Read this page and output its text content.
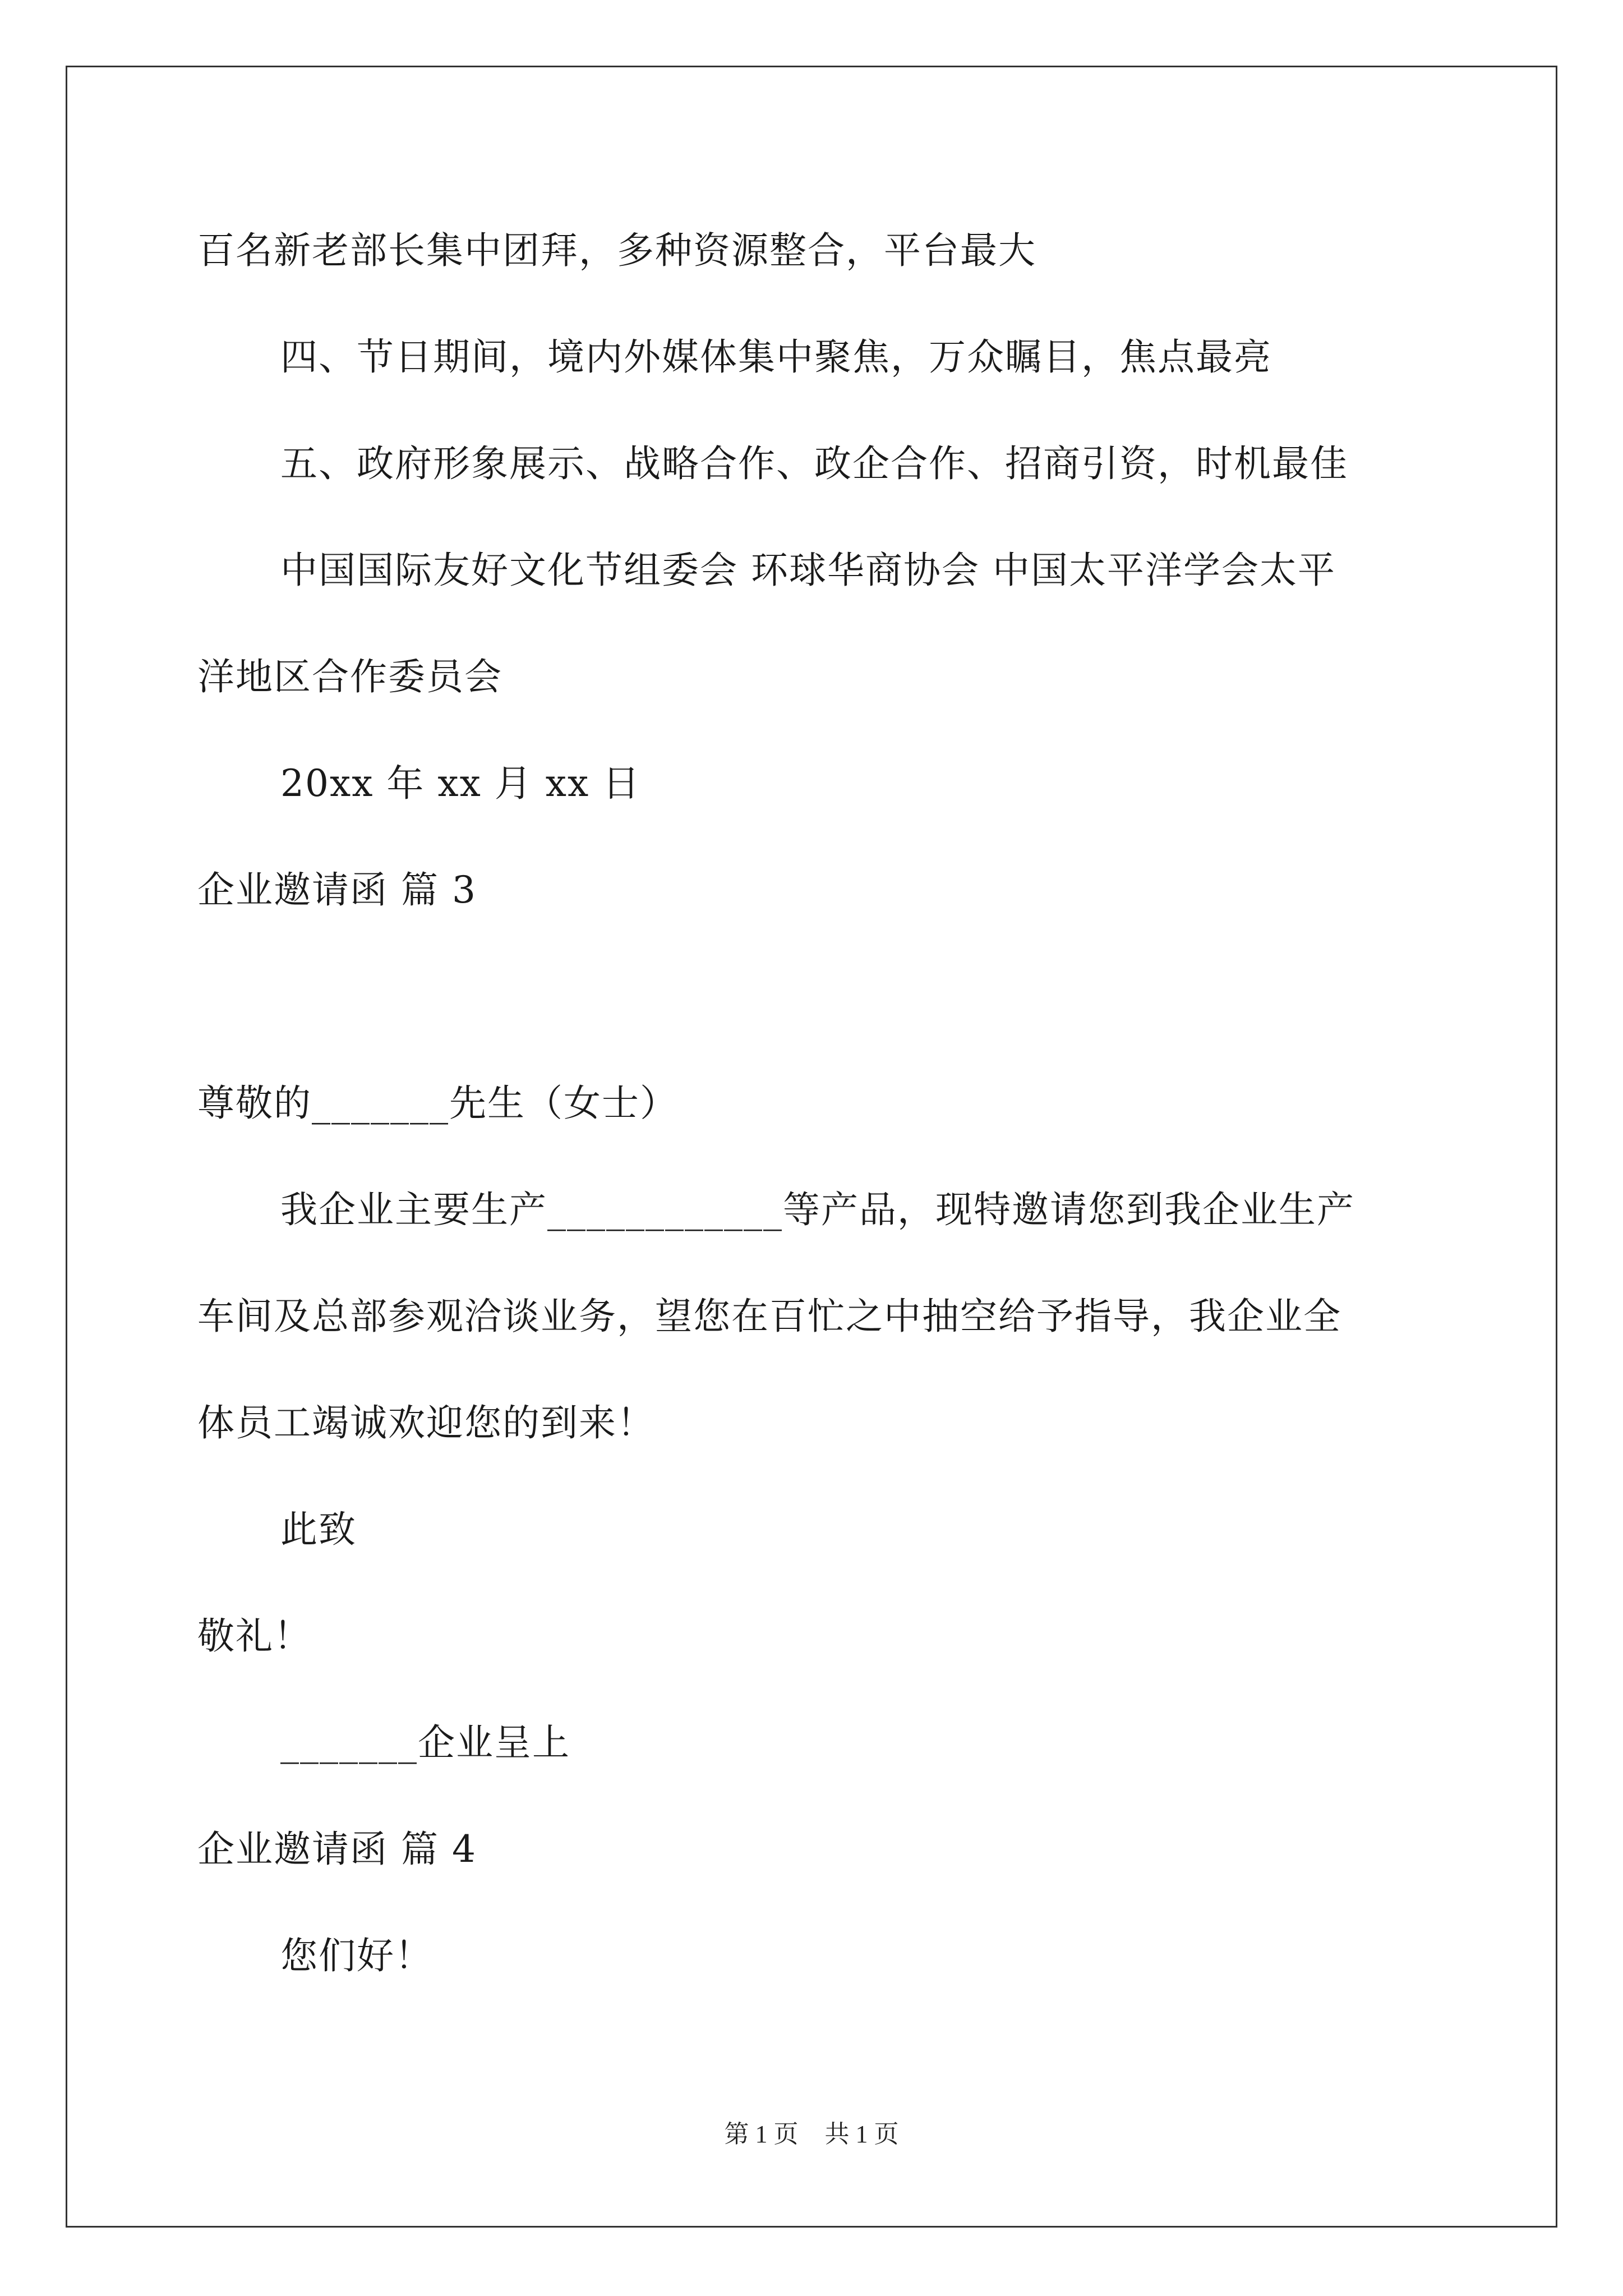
百名新老部长集中团拜，多种资源整合，平台最大

四、节日期间，境内外媒体集中聚焦，万众瞩目，焦点最亮

五、政府形象展示、战略合作、政企合作、招商引资，时机最佳

中国国际友好文化节组委会 环球华商协会 中国太平洋学会太平

洋地区合作委员会

20xx 年 xx 月 xx 日

企业邀请函 篇 3

尊敬的_______先生（女士）

我企业主要生产____________等产品，现特邀请您到我企业生产

车间及总部参观洽谈业务，望您在百忙之中抽空给予指导，我企业全

体员工竭诚欢迎您的到来！

此致

敬礼！

_______企业呈上

企业邀请函 篇 4

您们好！

第 1 页 共 1 页
